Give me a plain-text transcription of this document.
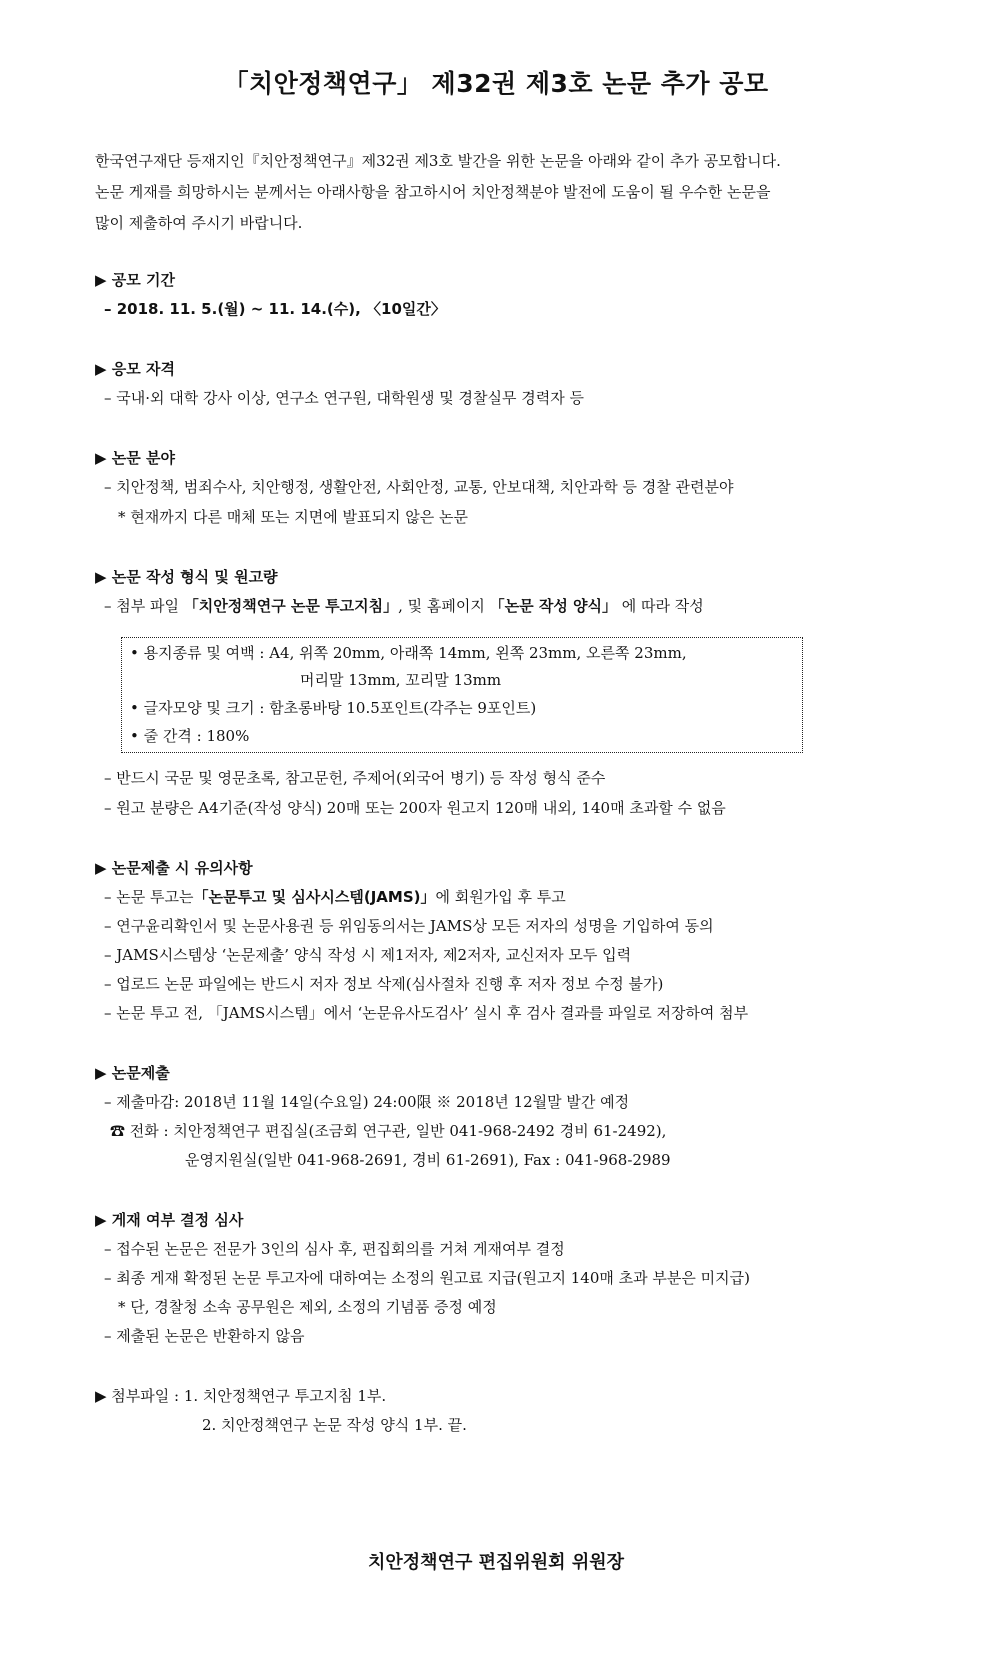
「치안정책연구」 제32권 제3호 논문 추가 공모
한국연구재단 등재지인『치안정책연구』제32권 제3호 발간을 위한 논문을 아래와 같이 추가 공모합니다.
논문 게재를 희망하시는 분께서는 아래사항을 참고하시어 치안정책분야 발전에 도움이 될 우수한 논문을
많이 제출하여 주시기 바랍니다.
▶ 공모 기간
– 2018. 11. 5.(월) ~ 11. 14.(수), 〈10일간〉
▶ 응모 자격
– 국내·외 대학 강사 이상, 연구소 연구원, 대학원생 및 경찰실무 경력자 등
▶ 논문 분야
– 치안정책, 범죄수사, 치안행정, 생활안전, 사회안정, 교통, 안보대책, 치안과학 등 경찰 관련분야
* 현재까지 다른 매체 또는 지면에 발표되지 않은 논문
▶ 논문 작성 형식 및 원고량
– 첨부 파일 「치안정책연구 논문 투고지침」, 및 홈페이지 「논문 작성 양식」 에 따라 작성
• 용지종류 및 여백 : A4, 위쪽 20mm, 아래쪽 14mm, 왼쪽 23mm, 오른쪽 23mm,
머리말 13mm, 꼬리말 13mm
• 글자모양 및 크기 : 함초롱바탕 10.5포인트(각주는 9포인트)
• 줄 간격 : 180%
– 반드시 국문 및 영문초록, 참고문헌, 주제어(외국어 병기) 등 작성 형식 준수
– 원고 분량은 A4기준(작성 양식) 20매 또는 200자 원고지 120매 내외, 140매 초과할 수 없음
▶ 논문제출 시 유의사항
– 논문 투고는「논문투고 및 심사시스템(JAMS)」에 회원가입 후 투고
– 연구윤리확인서 및 논문사용권 등 위임동의서는 JAMS상 모든 저자의 성명을 기입하여 동의
– JAMS시스템상 ‘논문제출’ 양식 작성 시 제1저자, 제2저자, 교신저자 모두 입력
– 업로드 논문 파일에는 반드시 저자 정보 삭제(심사절차 진행 후 저자 정보 수정 불가)
– 논문 투고 전, 「JAMS시스템」에서 ‘논문유사도검사’ 실시 후 검사 결과를 파일로 저장하여 첨부
▶ 논문제출
– 제출마감: 2018년 11월 14일(수요일) 24:00限 ※ 2018년 12월말 발간 예정
☎ 전화 : 치안정책연구 편집실(조금회 연구관, 일반 041-968-2492 경비 61-2492),
운영지원실(일반 041-968-2691, 경비 61-2691), Fax : 041-968-2989
▶ 게재 여부 결정 심사
– 접수된 논문은 전문가 3인의 심사 후, 편집회의를 거쳐 게재여부 결정
– 최종 게재 확정된 논문 투고자에 대하여는 소정의 원고료 지급(원고지 140매 초과 부분은 미지급)
* 단, 경찰청 소속 공무원은 제외, 소정의 기념품 증정 예정
– 제출된 논문은 반환하지 않음
▶ 첨부파일 : 1. 치안정책연구 투고지침 1부.
2. 치안정책연구 논문 작성 양식 1부. 끝.
치안정책연구 편집위원회 위원장
